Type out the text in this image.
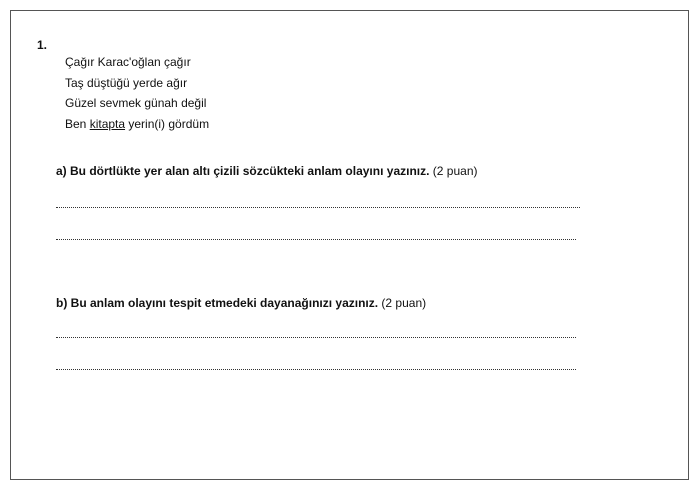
1.
Çağır Karac'oğlan çağır
Taş düştüğü yerde ağır
Güzel sevmek günah değil
Ben kitapta yerin(i) gördüm
a) Bu dörtlükte yer alan altı çizili sözcükteki anlam olayını yazınız. (2 puan)
b) Bu anlam olayını tespit etmedeki dayanağınızı yazınız. (2 puan)
